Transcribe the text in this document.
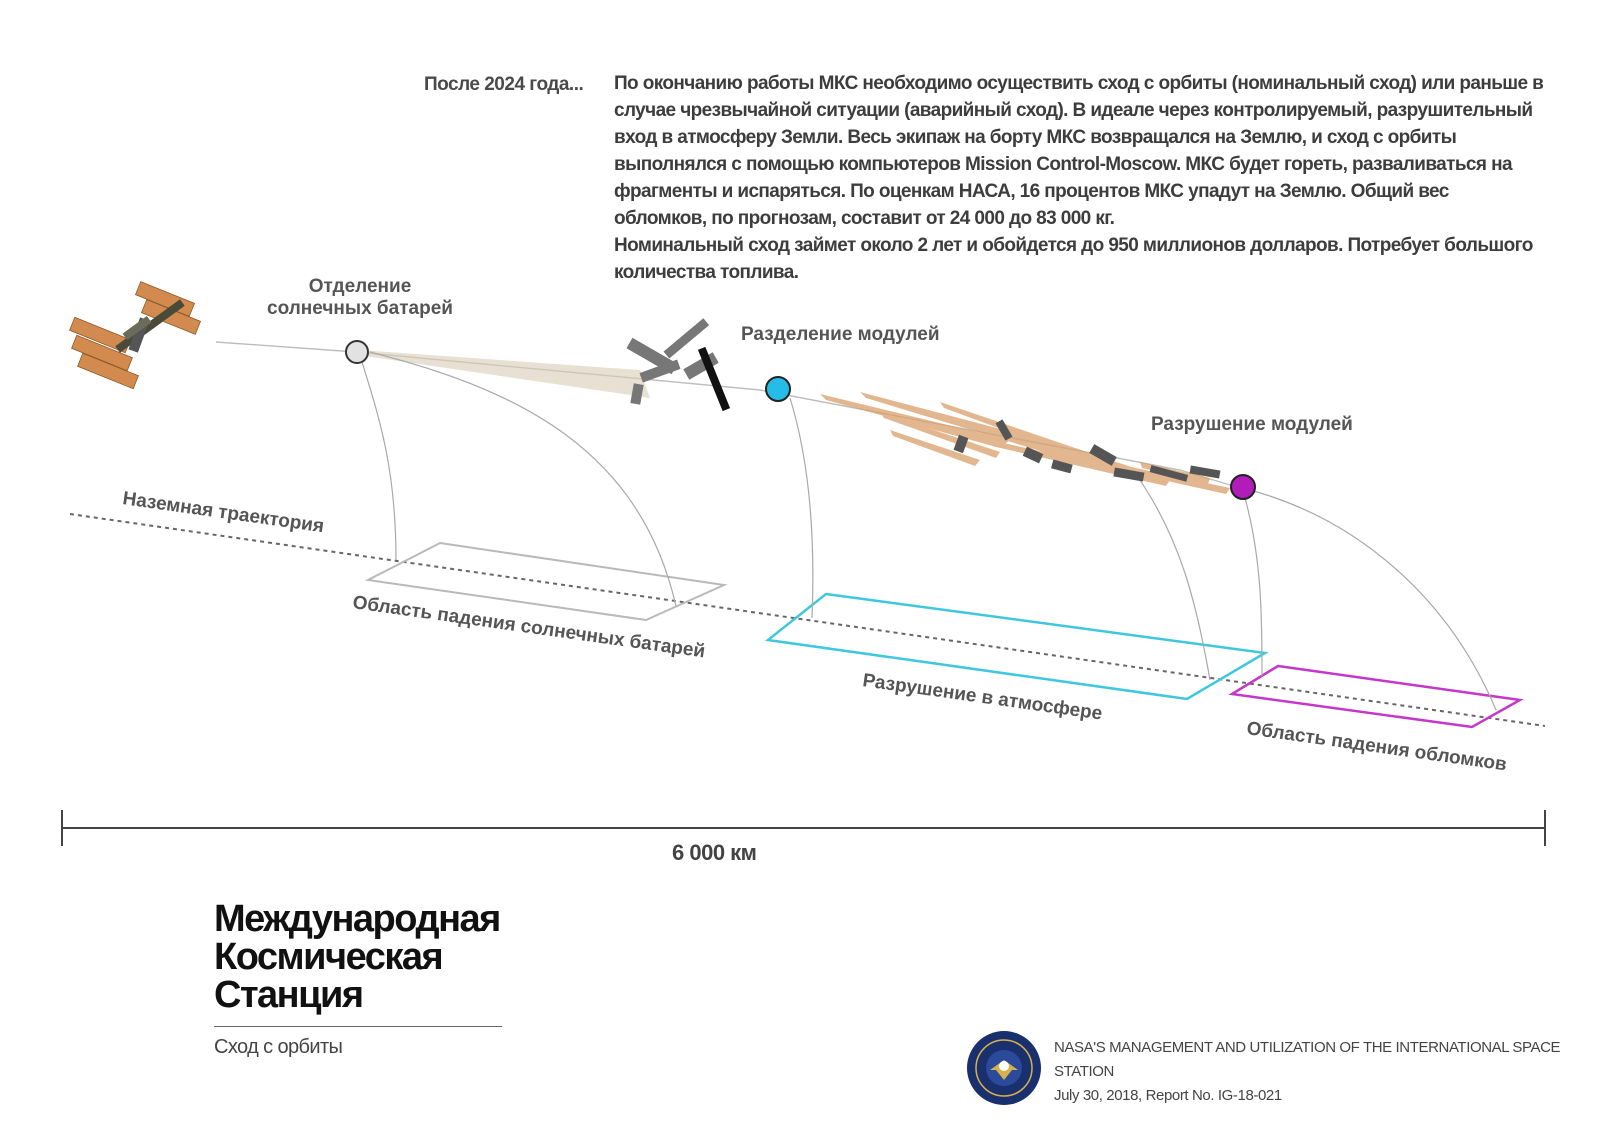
После 2024 года... По окончанию работы МКС необходимо осуществить сход с орбиты (номинальный сход) или раньше в случае чрезвычайной ситуации (аварийный сход). В идеале через контролируемый, разрушительный вход в атмосферу Земли. Весь экипаж на борту МКС возвращался на Землю, и сход с орбиты выполнялся с помощью компьютеров Mission Control-Moscow. МКС будет гореть, разваливаться на фрагменты и испаряться. По оценкам НАСА, 16 процентов МКС упадут на Землю. Общий вес обломков, по прогнозам, составит от 24 000 до 83 000 кг.

Номинальный сход займет около 2 лет и обойдется до 950 миллионов долларов. Потребует большого количества топлива.

Отделение
солнечных батарей
Разделение модулей
Разрушение модулей
Наземная траектория
Область падения солнечных батарей
Разрушение в атмосфере
Область падения обломков
6 000 км
Международная
Космическая
Станция
Сход с орбиты	NASA'S MANAGEMENT AND UTILIZATION OF THE INTERNATIONAL SPACE STATION
July 30, 2018, Report No. IG-18-021
